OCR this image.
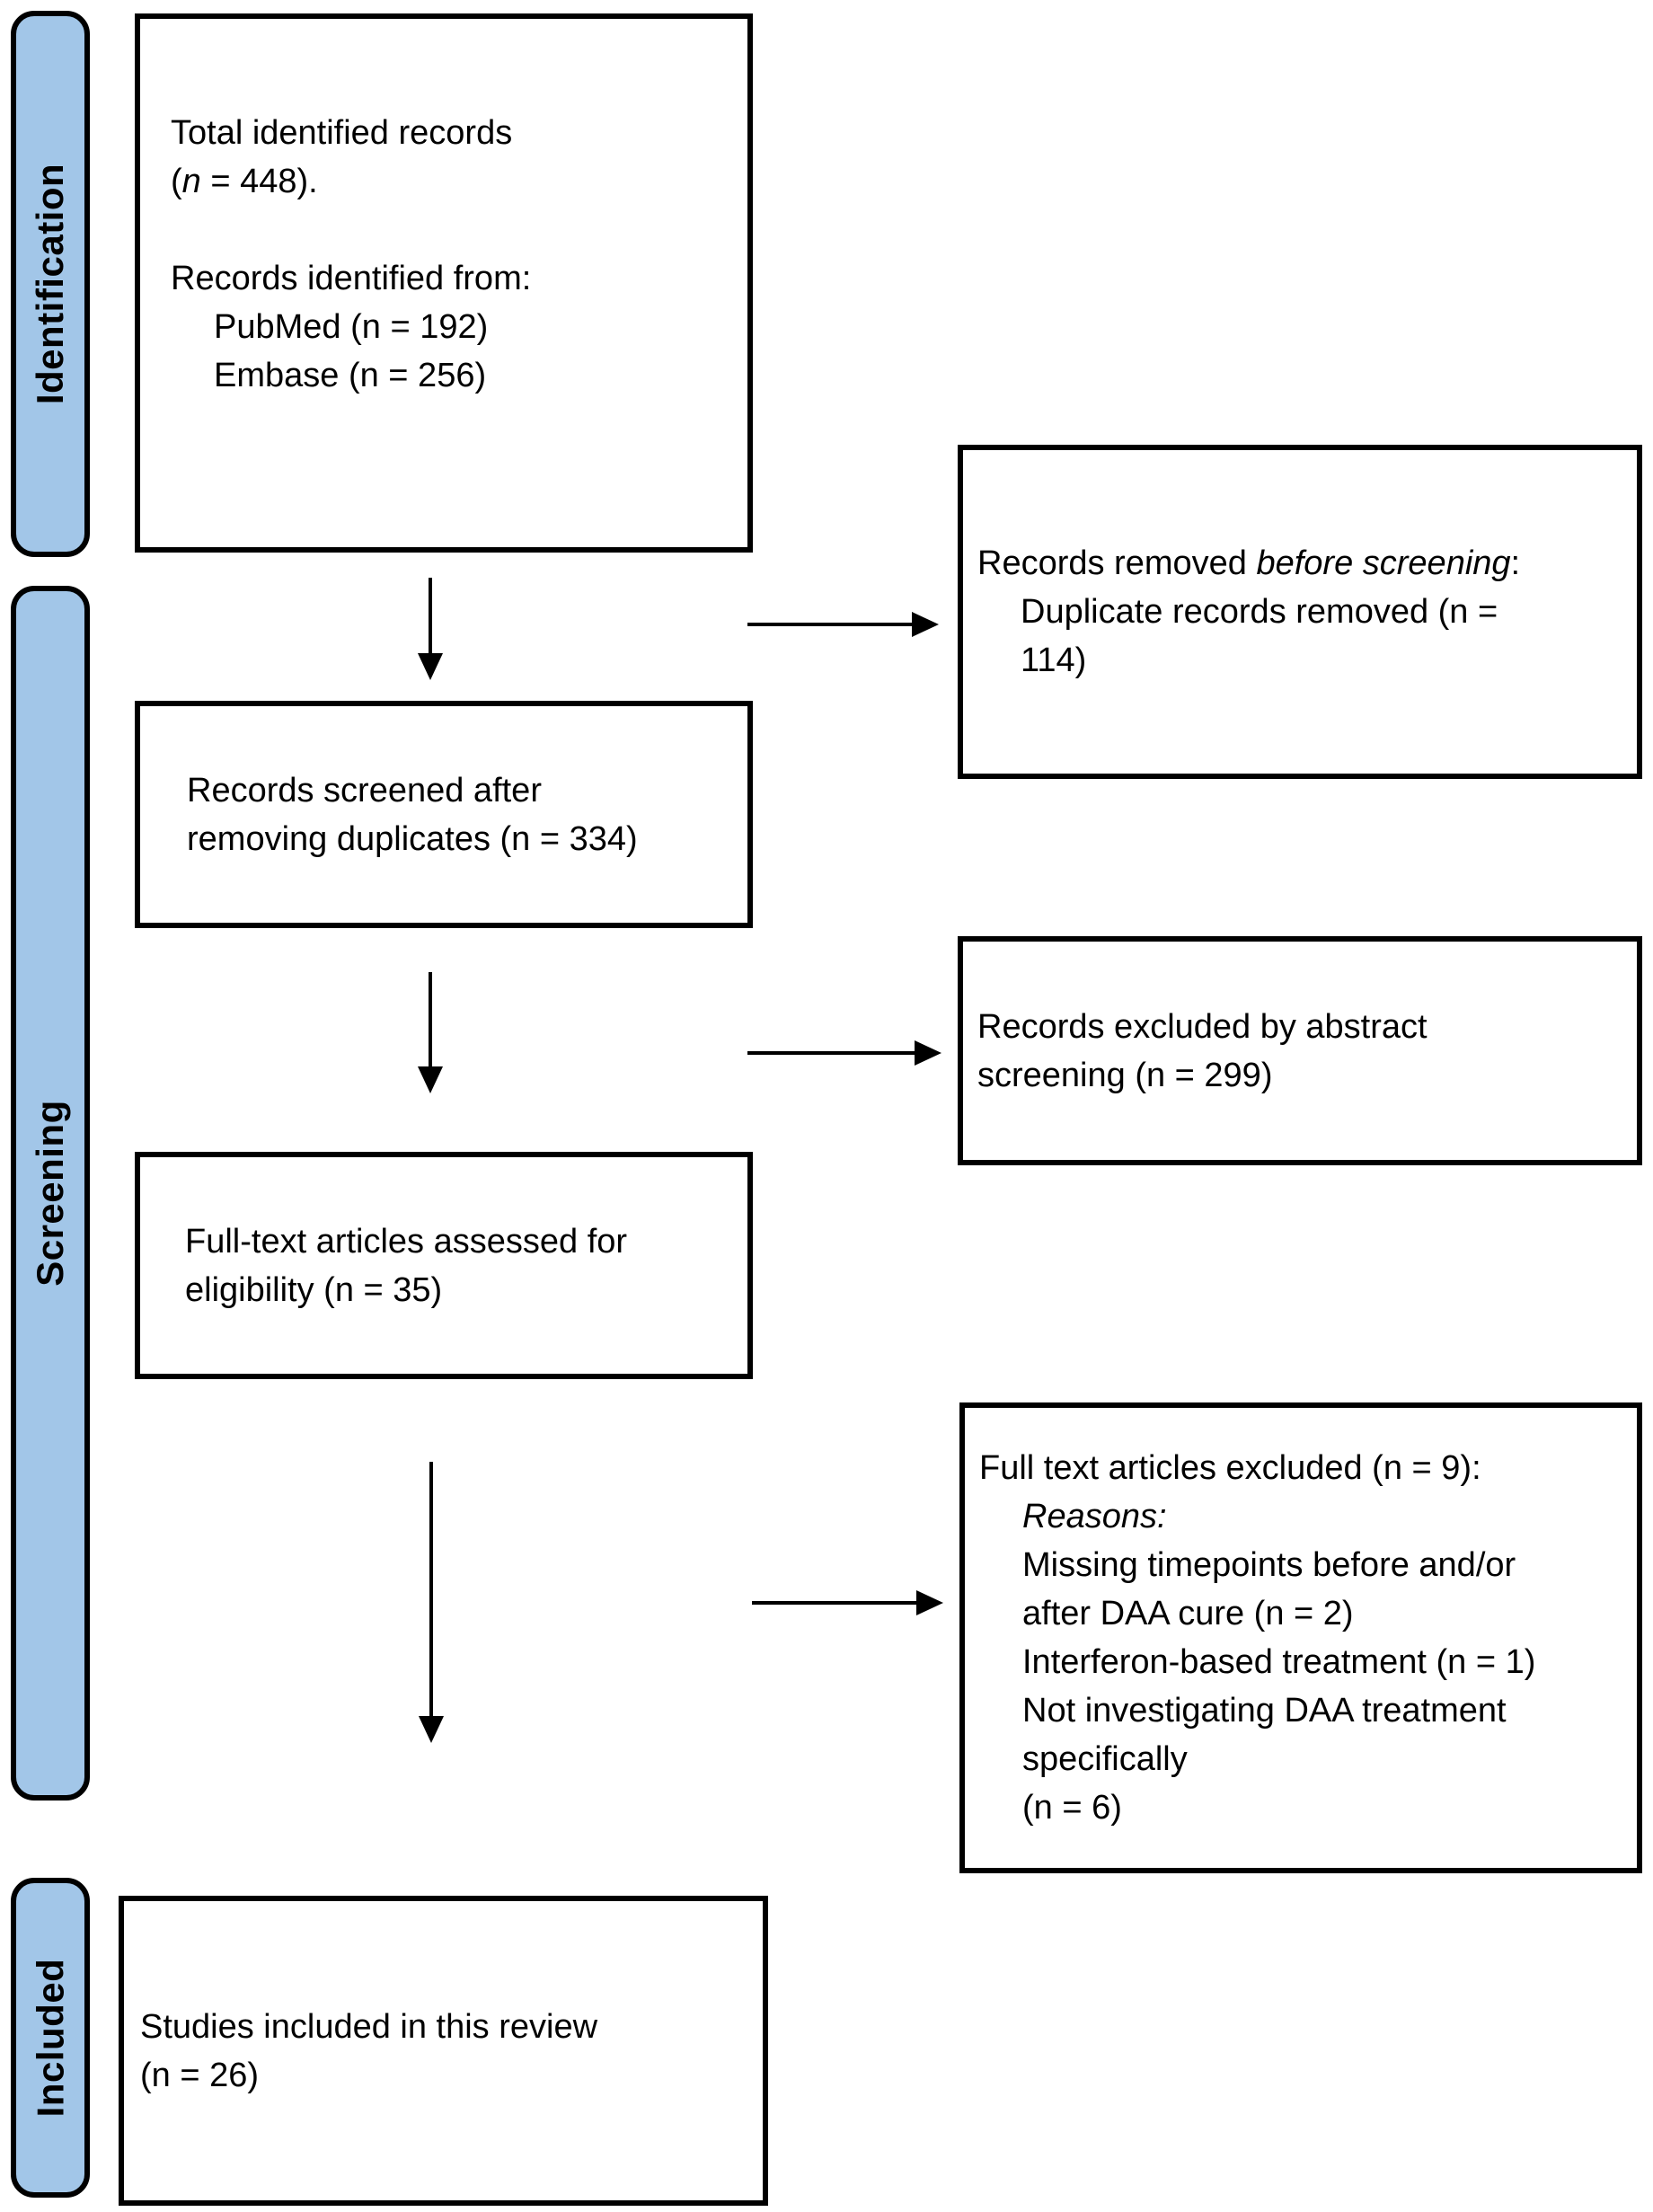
Identification
Screening
Included
Total identified records
(n = 448).

Records identified from:
PubMed (n = 192)
Embase (n = 256)
Records screened after
removing duplicates (n = 334)
Full-text articles assessed for
eligibility (n = 35)
Studies included in this review
(n = 26)
Records removed before screening:
Duplicate records removed (n =
114)
Records excluded by abstract
screening (n = 299)
Full text articles excluded (n = 9):
Reasons:
Missing timepoints before and/or
after DAA cure (n = 2)
Interferon-based treatment (n = 1)
Not investigating DAA treatment
specifically
(n = 6)
